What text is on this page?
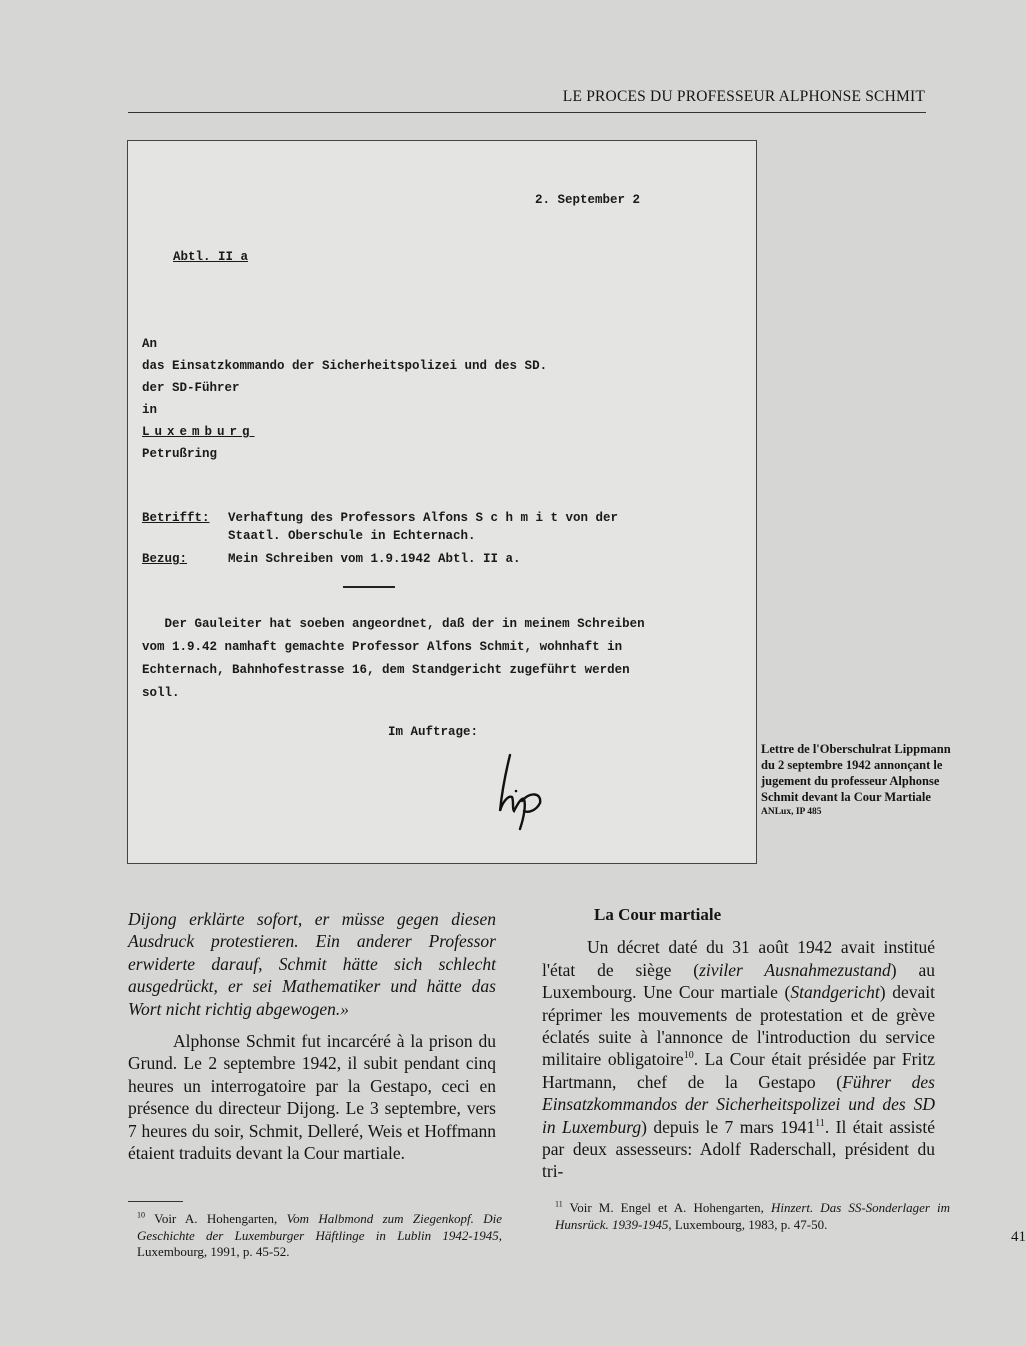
LE PROCES DU PROFESSEUR ALPHONSE SCHMIT
2. September 2
Abtl. II a
An
das Einsatzkommando der Sicherheitspolizei und des SD.
der SD-Führer
in
Luxemburg
Petrußring
Betrifft: Verhaftung des Professors Alfons S c h m i t von der
Staatl. Oberschule in Echternach.
Bezug:	Mein Schreiben vom 1.9.1942 Abtl. II a.
Der Gauleiter hat soeben angeordnet, daß der in meinem Schreiben
vom 1.9.42 namhaft gemachte Professor Alfons Schmit, wohnhaft in
Echternach, Bahnhofestrasse 16, dem Standgericht zugeführt werden
soll.
Im Auftrage:
Lettre de l'Oberschulrat Lippmann du 2 septembre 1942 annonçant le jugement du professeur Alphonse Schmit devant la Cour Martiale
ANLux, IP 485

Dijong erklärte sofort, er müsse gegen diesen Ausdruck protestieren. Ein anderer Professor erwiderte darauf, Schmit hätte sich schlecht ausgedrückt, er sei Mathematiker und hätte das Wort nicht richtig abgewogen.»

Alphonse Schmit fut incarcéré à la prison du Grund. Le 2 septembre 1942, il subit pendant cinq heures un interrogatoire par la Gestapo, ceci en présence du directeur Dijong. Le 3 septembre, vers 7 heures du soir, Schmit, Delleré, Weis et Hoffmann étaient traduits devant la Cour martiale.

La Cour martiale

Un décret daté du 31 août 1942 avait institué l'état de siège (ziviler Ausnahmezustand) au Luxembourg. Une Cour martiale (Standgericht) devait réprimer les mouvements de protestation et de grève éclatés suite à l'annonce de l'introduction du service militaire obligatoire$^{10}$. La Cour était présidée par Fritz Hartmann, chef de la Gestapo (Führer des Einsatzkommandos der Sicherheitspolizei und des SD in Luxemburg) depuis le 7 mars 1941$^{11}$. Il était assisté par deux assesseurs: Adolf Raderschall, président du tri-

$^{10}$ Voir A. Hohengarten, Vom Halbmond zum Ziegenkopf. Die Geschichte der Luxemburger Häftlinge in Lublin 1942-1945, Luxembourg, 1991, p. 45-52.
$^{11}$ Voir M. Engel et A. Hohengarten, Hinzert. Das SS-Sonderlager im Hunsrück. 1939-1945, Luxembourg, 1983, p. 47-50.
41
